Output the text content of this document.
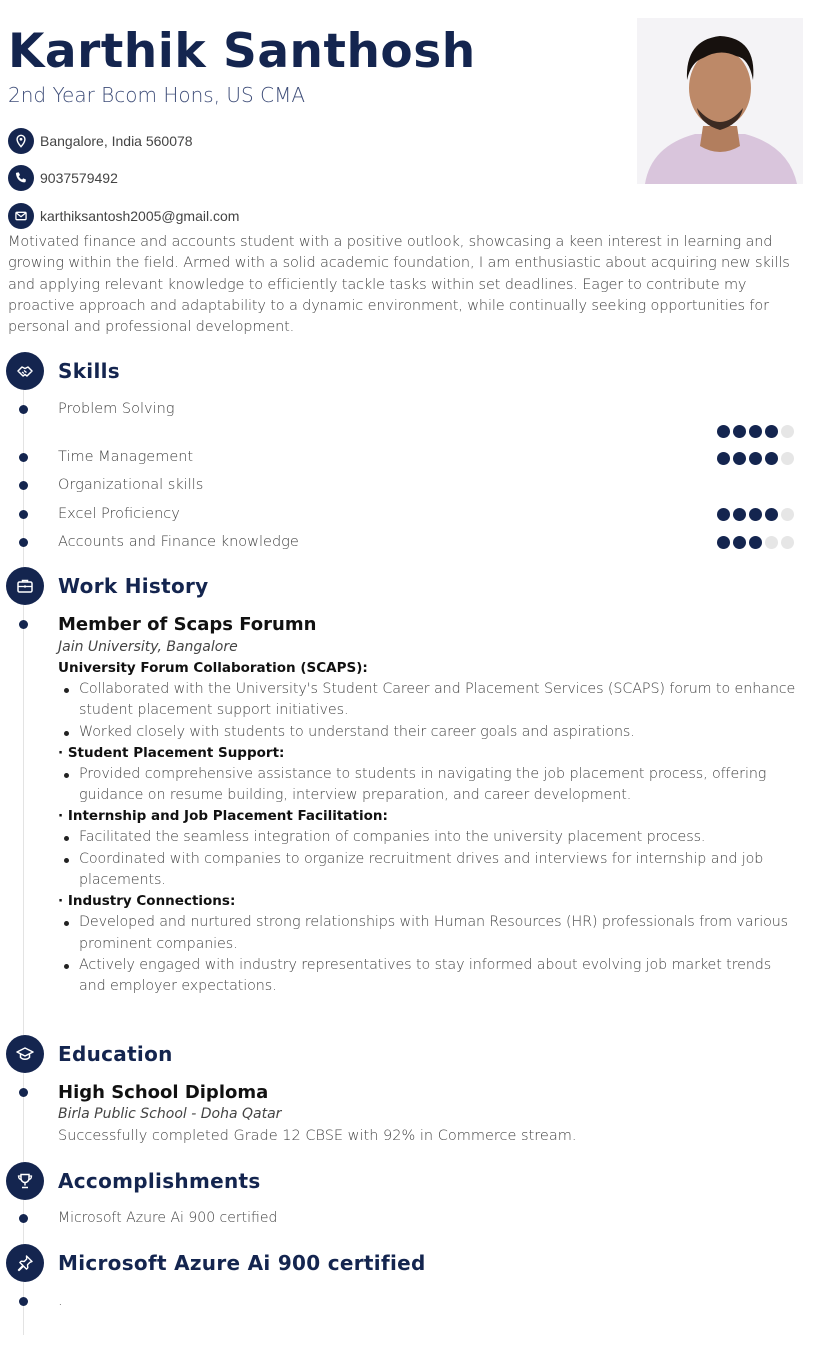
Karthik Santhosh
2nd Year Bcom Hons, US CMA
Bangalore, India 560078
9037579492
karthiksantosh2005@gmail.com
Motivated finance and accounts student with a positive outlook, showcasing a keen interest in learning and growing within the field. Armed with a solid academic foundation, I am enthusiastic about acquiring new skills and applying relevant knowledge to efficiently tackle tasks within set deadlines. Eager to contribute my proactive approach and adaptability to a dynamic environment, while continually seeking opportunities for personal and professional development.
Skills
Problem Solving
Time Management
Organizational skills
Excel Proficiency
Accounts and Finance knowledge
Work History
Member of Scaps Forumn
Jain University, Bangalore
University Forum Collaboration (SCAPS):
Collaborated with the University's Student Career and Placement Services (SCAPS) forum to enhance student placement support initiatives.
Worked closely with students to understand their career goals and aspirations.
· Student Placement Support:
Provided comprehensive assistance to students in navigating the job placement process, offering guidance on resume building, interview preparation, and career development.
· Internship and Job Placement Facilitation:
Facilitated the seamless integration of companies into the university placement process.
Coordinated with companies to organize recruitment drives and interviews for internship and job placements.
· Industry Connections:
Developed and nurtured strong relationships with Human Resources (HR) professionals from various prominent companies.
Actively engaged with industry representatives to stay informed about evolving job market trends and employer expectations.
Education
High School Diploma
Birla Public School - Doha Qatar
Successfully completed Grade 12 CBSE with 92% in Commerce stream.
Accomplishments
Microsoft Azure Ai 900 certified
Microsoft Azure Ai 900 certified
.
